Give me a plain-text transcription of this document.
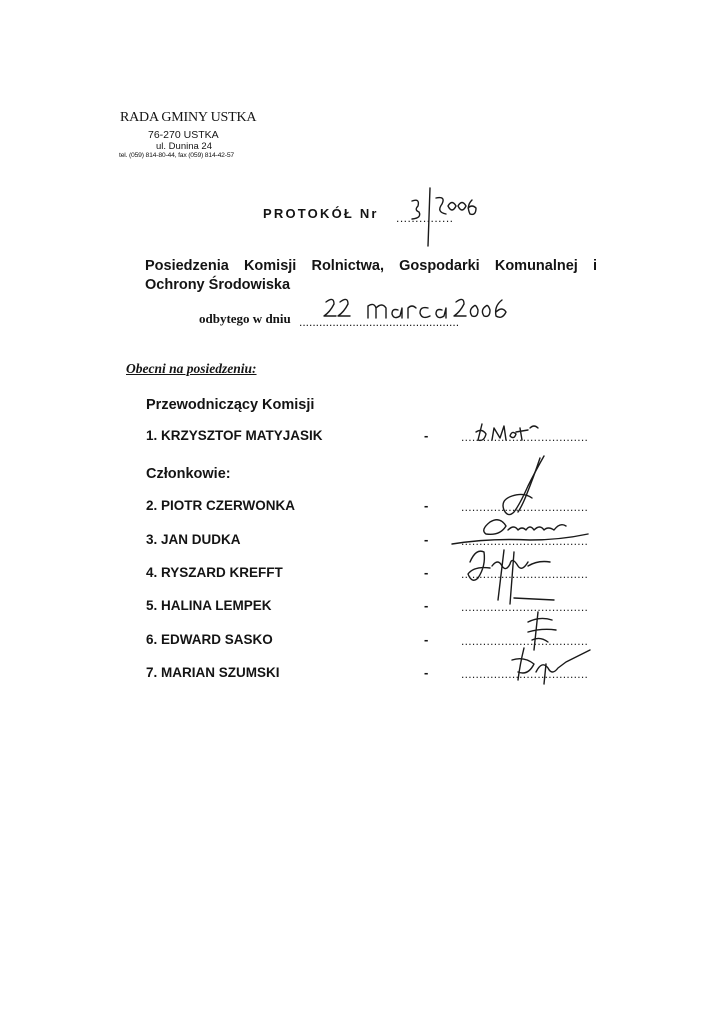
RADA GMINY USTKA
76-270 USTKA
ul. Dunina 24
tel. (059) 814-80-44, fax (059) 814-42-57
PROTOKÓŁ Nr ...............
Posiedzenia Komisji Rolnictwa, Gospodarki Komunalnej i
Ochrony Środowiska
odbytego w dniu ................................................
Obecni na posiedzeniu:
Przewodniczący Komisji
Członkowie:
1. KRZYSZTOF MATYJASIK	-	...................................
2. PIOTR CZERWONKA	-	...................................
3. JAN DUDKA	-	...................................
4. RYSZARD KREFFT	-	...................................
5. HALINA LEMPEK	-	...................................
6. EDWARD SASKO	-	...................................
7. MARIAN SZUMSKI	-	...................................
